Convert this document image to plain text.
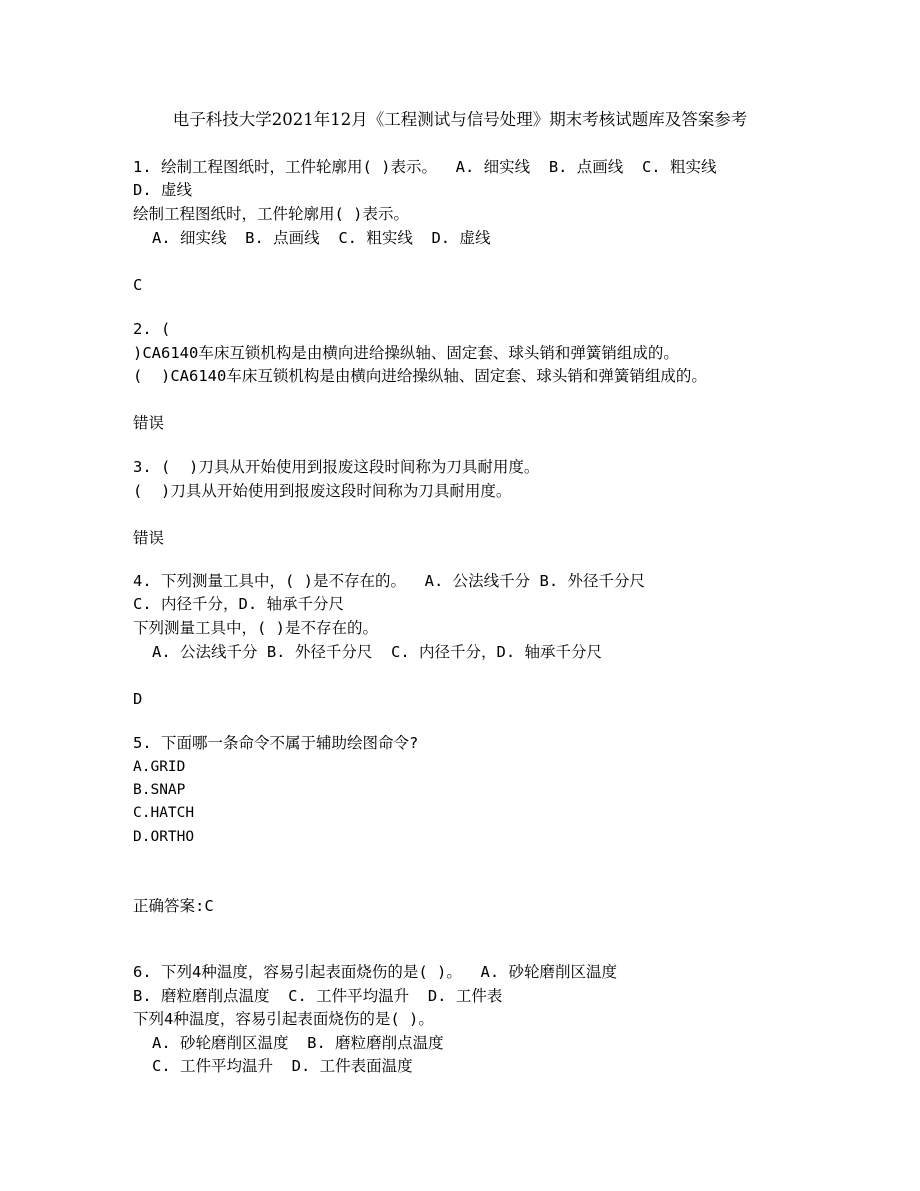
电子科技大学2021年12月《工程测试与信号处理》期末考核试题库及答案参考
1. 绘制工程图纸时，工件轮廓用( )表示。  A. 细实线  B. 点画线  C. 粗实线
D. 虚线
绘制工程图纸时，工件轮廓用( )表示。
A. 细实线  B. 点画线  C. 粗实线  D. 虚线
C
2. (
)CA6140车床互锁机构是由横向进给操纵轴、固定套、球头销和弹簧销组成的。
(  )CA6140车床互锁机构是由横向进给操纵轴、固定套、球头销和弹簧销组成的。
错误
3. (  )刀具从开始使用到报废这段时间称为刀具耐用度。
(  )刀具从开始使用到报废这段时间称为刀具耐用度。
错误
4. 下列测量工具中，( )是不存在的。  A. 公法线千分 B. 外径千分尺
C. 内径千分，D. 轴承千分尺
下列测量工具中，( )是不存在的。
A. 公法线千分 B. 外径千分尺  C. 内径千分，D. 轴承千分尺
D
5. 下面哪一条命令不属于辅助绘图命令?
A.GRID
B.SNAP
C.HATCH
D.ORTHO
正确答案:C
6. 下列4种温度，容易引起表面烧伤的是( )。  A. 砂轮磨削区温度
B. 磨粒磨削点温度  C. 工件平均温升  D. 工件表
下列4种温度，容易引起表面烧伤的是( )。
A. 砂轮磨削区温度  B. 磨粒磨削点温度
C. 工件平均温升  D. 工件表面温度
